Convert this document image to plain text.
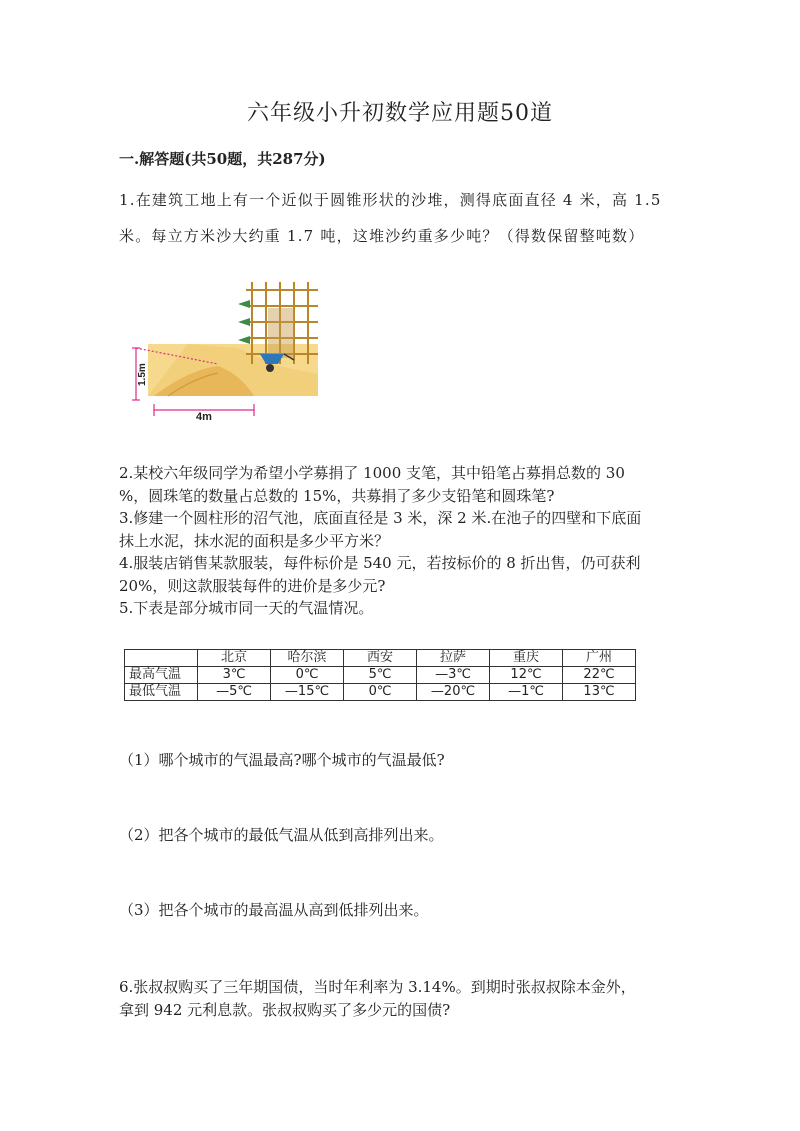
六年级小升初数学应用题50道
一.解答题(共50题，共287分)
1.在建筑工地上有一个近似于圆锥形状的沙堆，测得底面直径 4 米，高 1.5
米。每立方米沙大约重 1.7 吨，这堆沙约重多少吨？（得数保留整吨数）
1.5m
4m
2.某校六年级同学为希望小学募捐了 1000 支笔，其中铅笔占募捐总数的 30
%，圆珠笔的数量占总数的 15%，共募捐了多少支铅笔和圆珠笔?
3.修建一个圆柱形的沼气池，底面直径是 3 米，深 2 米.在池子的四壁和下底面
抹上水泥，抹水泥的面积是多少平方米？
4.服装店销售某款服装，每件标价是 540 元，若按标价的 8 折出售，仍可获利
20%，则这款服装每件的进价是多少元?
5.下表是部分城市同一天的气温情况。
	北京	哈尔滨	西安	拉萨	重庆	广州
最高气温	3℃	0℃	5℃	—3℃	12℃	22℃
最低气温	—5℃	—15℃	0℃	—20℃	—1℃	13℃
（1）哪个城市的气温最高?哪个城市的气温最低?
（2）把各个城市的最低气温从低到高排列出来。
（3）把各个城市的最高温从高到低排列出来。
6.张叔叔购买了三年期国债，当时年利率为 3.14%。到期时张叔叔除本金外，
拿到 942 元利息款。张叔叔购买了多少元的国债?
